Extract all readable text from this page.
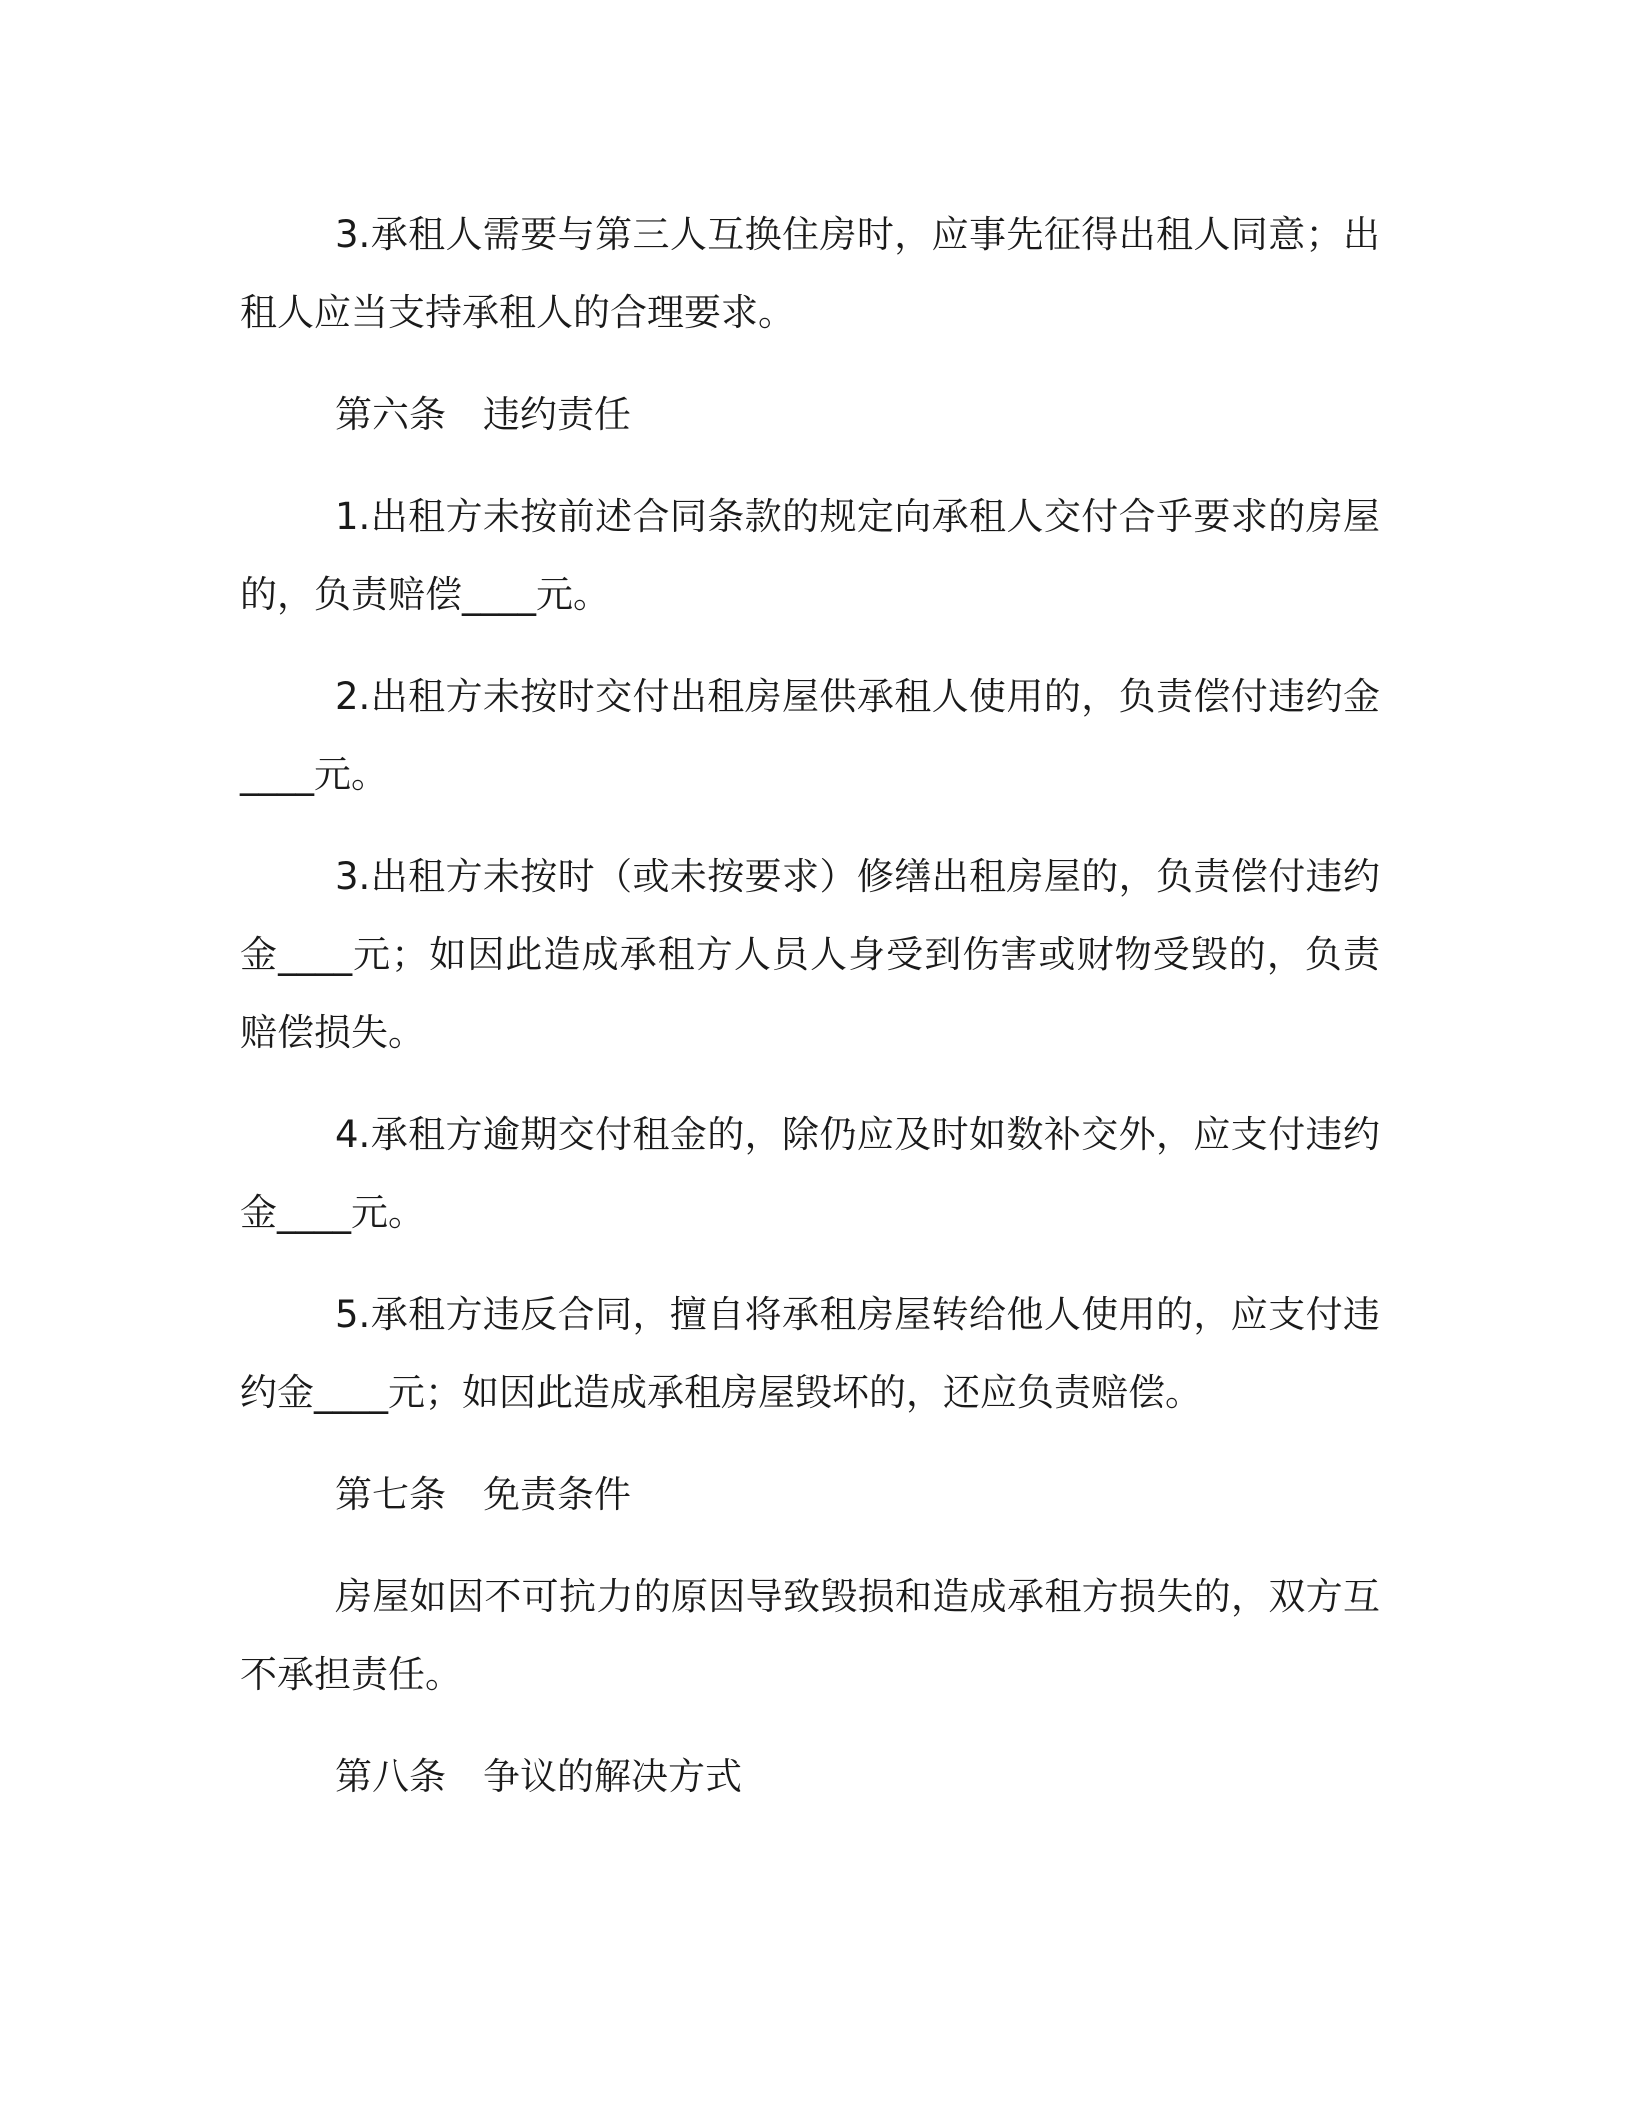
3.承租人需要与第三人互换住房时，应事先征得出租人同意；出租人应当支持承租人的合理要求。

第六条　违约责任

1.出租方未按前述合同条款的规定向承租人交付合乎要求的房屋的，负责赔偿____元。

2.出租方未按时交付出租房屋供承租人使用的，负责偿付违约金____元。

3.出租方未按时（或未按要求）修缮出租房屋的，负责偿付违约金____元；如因此造成承租方人员人身受到伤害或财物受毁的，负责赔偿损失。

4.承租方逾期交付租金的，除仍应及时如数补交外，应支付违约金____元。

5.承租方违反合同，擅自将承租房屋转给他人使用的，应支付违约金____元；如因此造成承租房屋毁坏的，还应负责赔偿。

第七条　免责条件

房屋如因不可抗力的原因导致毁损和造成承租方损失的，双方互不承担责任。

第八条　争议的解决方式
